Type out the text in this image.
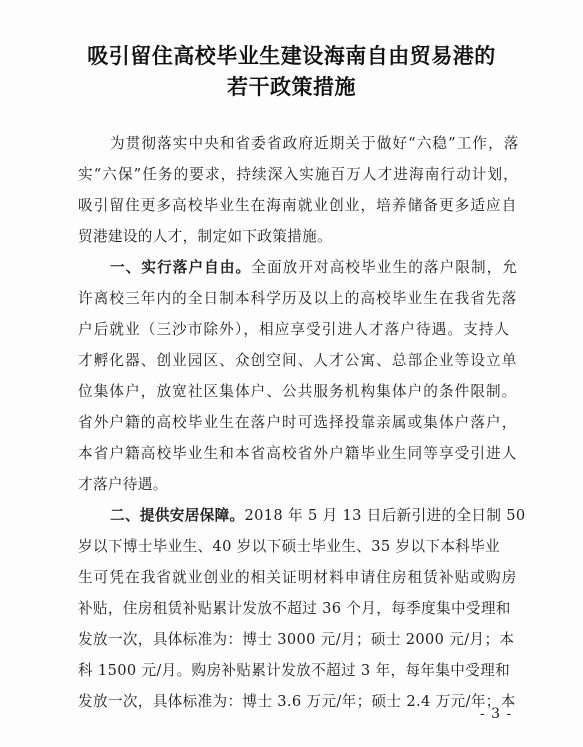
吸引留住高校毕业生建设海南自由贸易港的
若干政策措施
为贯彻落实中央和省委省政府近期关于做好“六稳”工作，落
实“六保”任务的要求，持续深入实施百万人才进海南行动计划，
吸引留住更多高校毕业生在海南就业创业，培养储备更多适应自
贸港建设的人才，制定如下政策措施。
一、实行落户自由。全面放开对高校毕业生的落户限制，允
许离校三年内的全日制本科学历及以上的高校毕业生在我省先落
户后就业（三沙市除外），相应享受引进人才落户待遇。支持人
才孵化器、创业园区、众创空间、人才公寓、总部企业等设立单
位集体户，放宽社区集体户、公共服务机构集体户的条件限制。
省外户籍的高校毕业生在落户时可选择投靠亲属或集体户落户，
本省户籍高校毕业生和本省高校省外户籍毕业生同等享受引进人
才落户待遇。
二、提供安居保障。2018 年 5 月 13 日后新引进的全日制 50
岁以下博士毕业生、40 岁以下硕士毕业生、35 岁以下本科毕业
生可凭在我省就业创业的相关证明材料申请住房租赁补贴或购房
补贴，住房租赁补贴累计发放不超过 36 个月，每季度集中受理和
发放一次，具体标准为：博士 3000 元/月；硕士 2000 元/月；本
科 1500 元/月。购房补贴累计发放不超过 3 年，每年集中受理和
发放一次，具体标准为：博士 3.6 万元/年；硕士 2.4 万元/年；本
- 3 -
